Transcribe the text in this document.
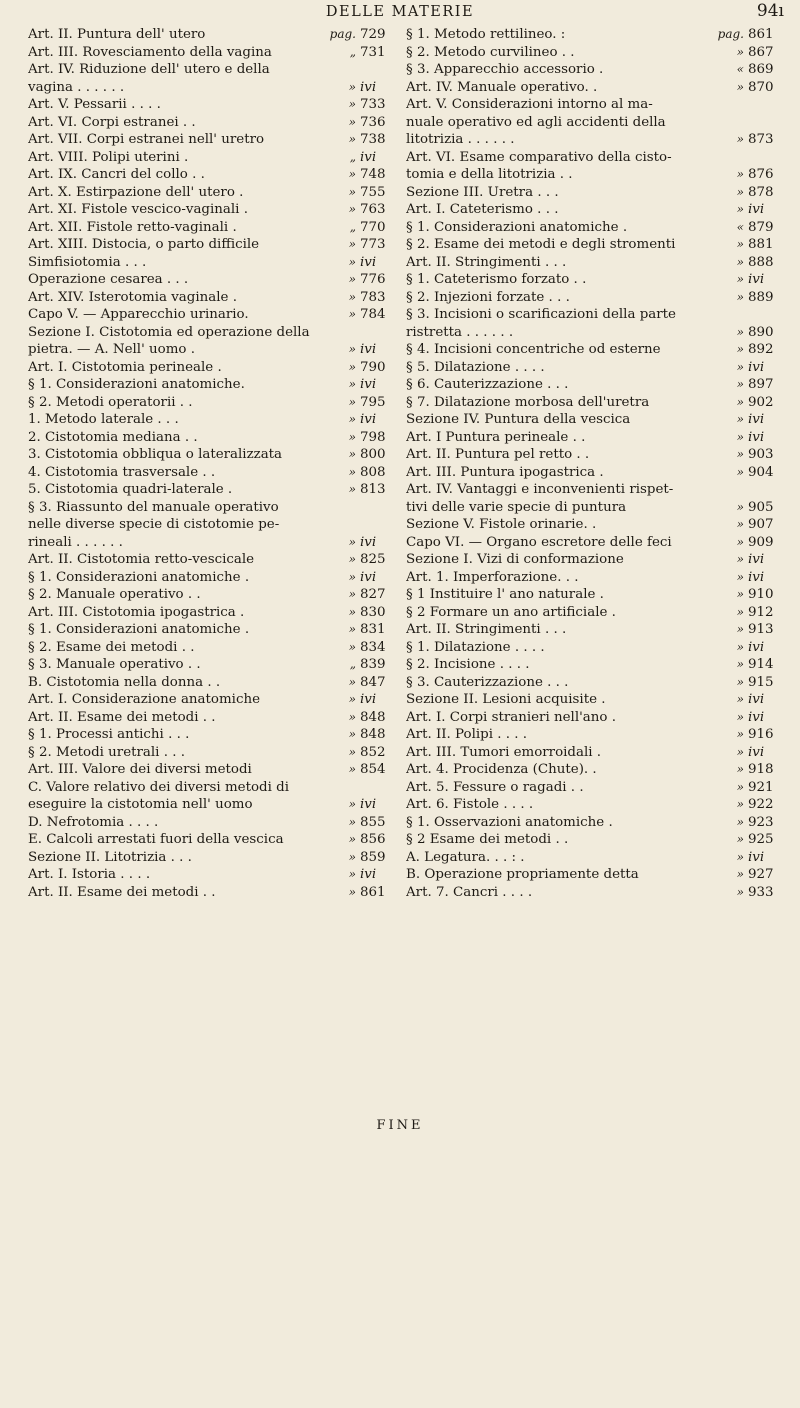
DELLE MATERIE	94ı
Art. II. Puntura dell' utero	pag. 729
Art. III. Rovesciamento della vagina	„ 731
Art. IV. Riduzione dell' utero e della
vagina . . . . . .	» ivi
Art. V. Pessarii . . . .	» 733
Art. VI. Corpi estranei . .	» 736
Art. VII. Corpi estranei nell' uretro	» 738
Art. VIII. Polipi uterini .	„ ivi
Art. IX. Cancri del collo . .	» 748
Art. X. Estirpazione dell' utero .	» 755
Art. XI. Fistole vescico-vaginali .	» 763
Art. XII. Fistole retto-vaginali .	„ 770
Art. XIII. Distocia, o parto difficile	» 773
Simfisiotomia . . .	» ivi
Operazione cesarea . . .	» 776
Art. XIV. Isterotomia vaginale .	» 783
Capo V. — Apparecchio urinario.	» 784
Sezione I. Cistotomia ed operazione della
pietra. — A. Nell' uomo .	» ivi
Art. I. Cistotomia perineale .	» 790
§ 1. Considerazioni anatomiche.	» ivi
§ 2. Metodi operatorii . .	» 795
1. Metodo laterale . . .	» ivi
2. Cistotomia mediana . .	» 798
3. Cistotomia obbliqua o lateralizzata	» 800
4. Cistotomia trasversale . .	» 808
5. Cistotomia quadri-laterale .	» 813
§ 3. Riassunto del manuale operativo
nelle diverse specie di cistotomie pe-
rineali . . . . . .	» ivi
Art. II. Cistotomia retto-vescicale	» 825
§ 1. Considerazioni anatomiche .	» ivi
§ 2. Manuale operativo . .	» 827
Art. III. Cistotomia ipogastrica .	» 830
§ 1. Considerazioni anatomiche .	» 831
§ 2. Esame dei metodi . .	» 834
§ 3. Manuale operativo . .	„ 839
B. Cistotomia nella donna . .	» 847
Art. I. Considerazione anatomiche	» ivi
Art. II. Esame dei metodi . .	» 848
§ 1. Processi antichi . . .	» 848
§ 2. Metodi uretrali . . .	» 852
Art. III. Valore dei diversi metodi	» 854
C. Valore relativo dei diversi metodi di
eseguire la cistotomia nell' uomo	» ivi
D. Nefrotomia . . . .	» 855
E. Calcoli arrestati fuori della vescica	» 856
Sezione II. Litotrizia . . .	» 859
Art. I. Istoria . . . .	» ivi
Art. II. Esame dei metodi . .	» 861
§ 1. Metodo rettilineo. :	pag. 861
§ 2. Metodo curvilineo . .	» 867
§ 3. Apparecchio accessorio .	« 869
Art. IV. Manuale operativo. .	» 870
Art. V. Considerazioni intorno al ma-
nuale operativo ed agli accidenti della
litotrizia . . . . . .	» 873
Art. VI. Esame comparativo della cisto-
tomia e della litotrizia . .	» 876
Sezione III. Uretra . . .	» 878
Art. I. Cateterismo . . .	» ivi
§ 1. Considerazioni anatomiche .	« 879
§ 2. Esame dei metodi e degli stromenti	» 881
Art. II. Stringimenti . . .	» 888
§ 1. Cateterismo forzato . .	» ivi
§ 2. Injezioni forzate . . .	» 889
§ 3. Incisioni o scarificazioni della parte
ristretta . . . . . .	» 890
§ 4. Incisioni concentriche od esterne	» 892
§ 5. Dilatazione . . . .	» ivi
§ 6. Cauterizzazione . . .	» 897
§ 7. Dilatazione morbosa dell'uretra	» 902
Sezione IV. Puntura della vescica	» ivi
Art. I Puntura perineale . .	» ivi
Art. II. Puntura pel retto . .	» 903
Art. III. Puntura ipogastrica .	» 904
Art. IV. Vantaggi e inconvenienti rispet-
tivi delle varie specie di puntura	» 905
Sezione V. Fistole orinarie. .	» 907
Capo VI. — Organo escretore delle feci	» 909
Sezione I. Vizi di conformazione	» ivi
Art. 1. Imperforazione. . .	» ivi
§ 1 Instituire l' ano naturale .	» 910
§ 2 Formare un ano artificiale .	» 912
Art. II. Stringimenti . . .	» 913
§ 1. Dilatazione . . . .	» ivi
§ 2. Incisione . . . .	» 914
§ 3. Cauterizzazione . . .	» 915
Sezione II. Lesioni acquisite .	» ivi
Art. I. Corpi stranieri nell'ano .	» ivi
Art. II. Polipi . . . .	» 916
Art. III. Tumori emorroidali .	» ivi
Art. 4. Procidenza (Chute). .	» 918
Art. 5. Fessure o ragadi . .	» 921
Art. 6. Fistole . . . .	» 922
§ 1. Osservazioni anatomiche .	» 923
§ 2 Esame dei metodi . .	» 925
A. Legatura. . . : .	» ivi
B. Operazione propriamente detta	» 927
Art. 7. Cancri . . . .	» 933
FINE
